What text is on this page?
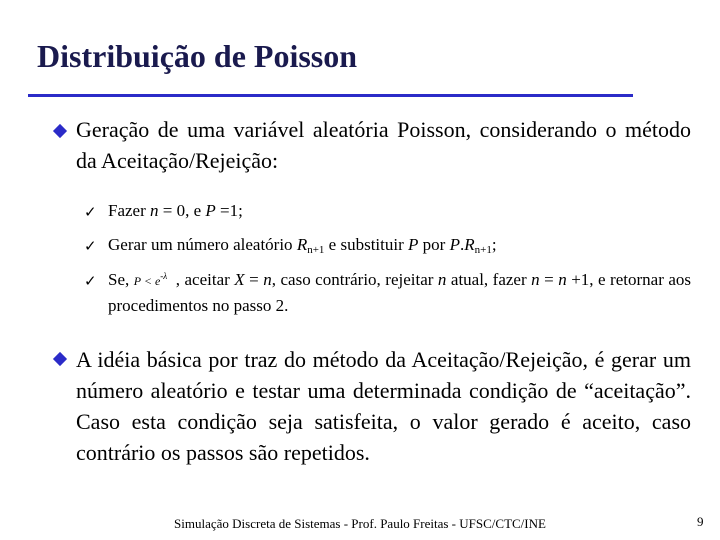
Distribuição de Poisson
Geração de uma variável aleatória Poisson, considerando o método da Aceitação/Rejeição:
✓ Fazer n = 0, e P =1;
✓ Gerar um número aleatório $R_{n+1}$ e substituir P por $P.R_{n+1}$;
✓ Se, $P < e^{-\lambda}$ , aceitar X = n, caso contrário, rejeitar n atual, fazer n = n +1, e retornar aos procedimentos no passo 2.
A idéia básica por traz do método da Aceitação/Rejeição, é gerar um número aleatório e testar uma determinada condição de “aceitação”. Caso esta condição seja satisfeita, o valor gerado é aceito, caso contrário os passos são repetidos.
Simulação Discreta de Sistemas - Prof. Paulo Freitas - UFSC/CTC/INE	9
